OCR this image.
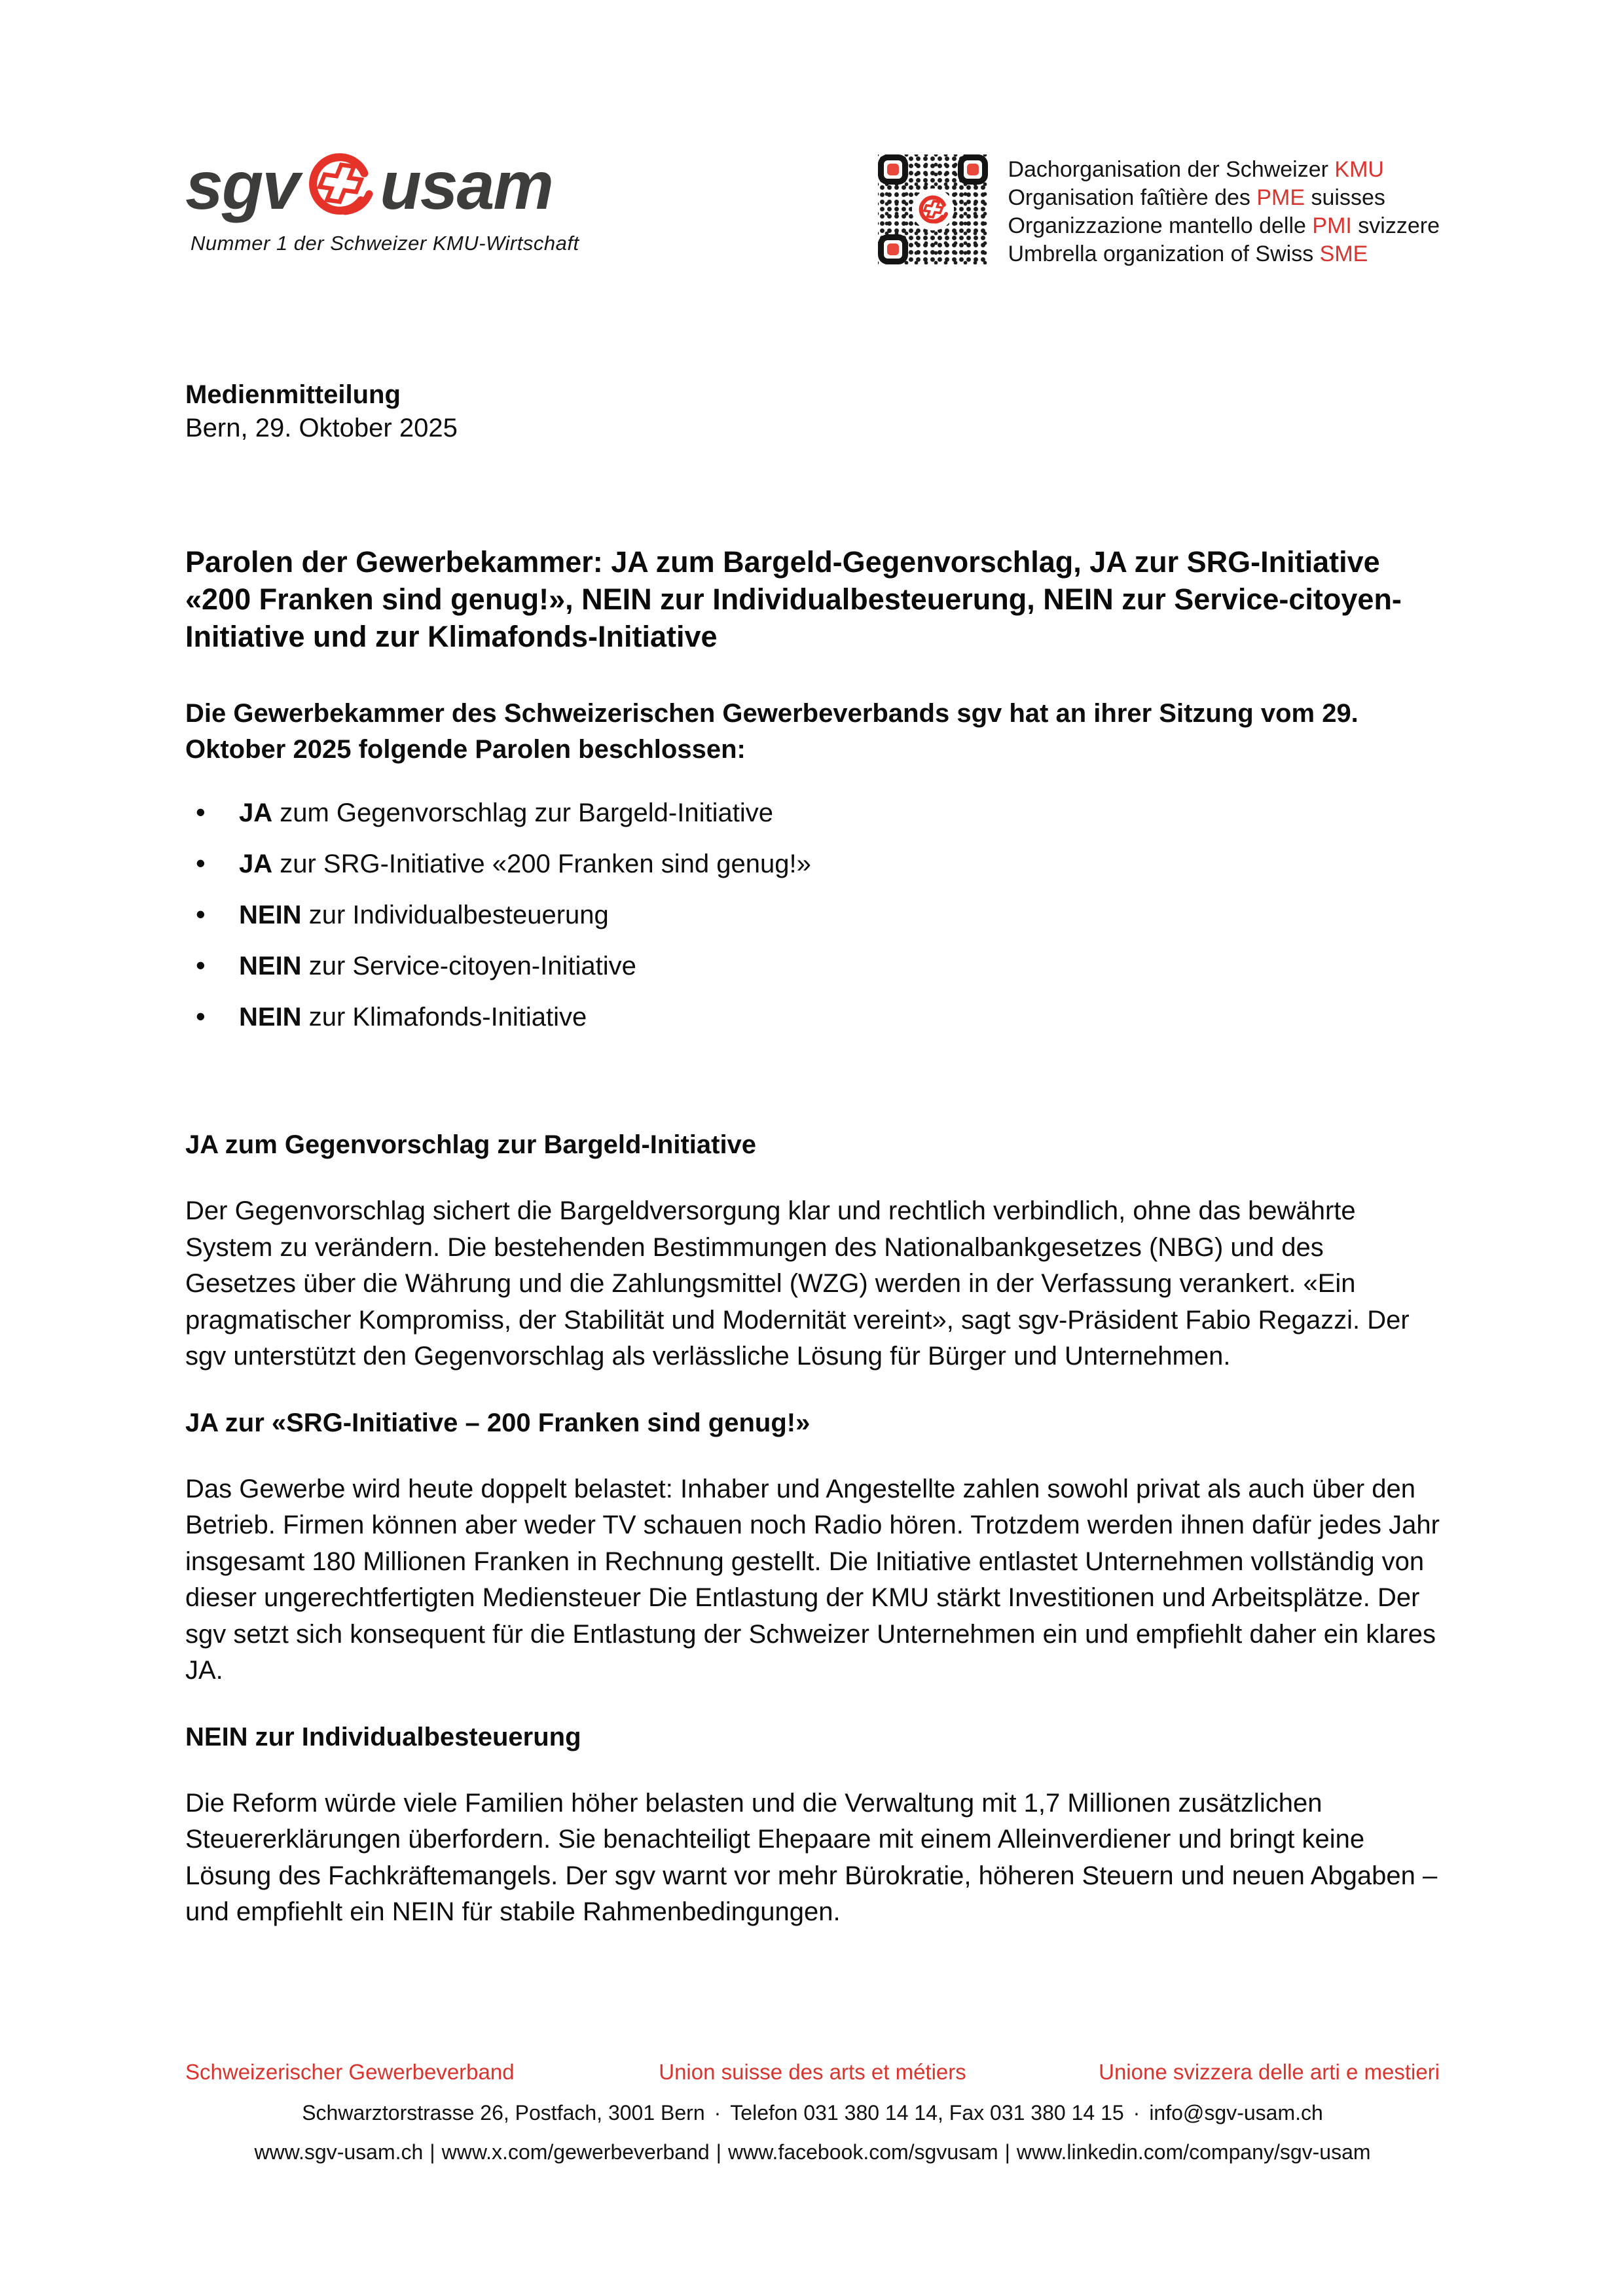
sgv usam
Nummer 1 der Schweizer KMU-Wirtschaft
Dachorganisation der Schweizer KMU
Organisation faîtière des PME suisses
Organizzazione mantello delle PMI svizzere
Umbrella organization of Swiss SME
Medienmitteilung
Bern, 29. Oktober 2025
Parolen der Gewerbekammer: JA zum Bargeld-Gegenvorschlag, JA zur SRG-Initiative «200 Franken sind genug!», NEIN zur Individualbesteuerung, NEIN zur Service-citoyen-Initiative und zur Klimafonds-Initiative

Die Gewerbekammer des Schweizerischen Gewerbeverbands sgv hat an ihrer Sitzung vom 29. Oktober 2025 folgende Parolen beschlossen:

• JA zum Gegenvorschlag zur Bargeld-Initiative
• JA zur SRG-Initiative «200 Franken sind genug!»
• NEIN zur Individualbesteuerung
• NEIN zur Service-citoyen-Initiative
• NEIN zur Klimafonds-Initiative
JA zum Gegenvorschlag zur Bargeld-Initiative

Der Gegenvorschlag sichert die Bargeldversorgung klar und rechtlich verbindlich, ohne das bewährte System zu verändern. Die bestehenden Bestimmungen des Nationalbankgesetzes (NBG) und des Gesetzes über die Währung und die Zahlungsmittel (WZG) werden in der Verfassung verankert. «Ein pragmatischer Kompromiss, der Stabilität und Modernität vereint», sagt sgv-Präsident Fabio Regazzi. Der sgv unterstützt den Gegenvorschlag als verlässliche Lösung für Bürger und Unternehmen.

JA zur «SRG-Initiative – 200 Franken sind genug!»

Das Gewerbe wird heute doppelt belastet: Inhaber und Angestellte zahlen sowohl privat als auch über den Betrieb. Firmen können aber weder TV schauen noch Radio hören. Trotzdem werden ihnen dafür jedes Jahr insgesamt 180 Millionen Franken in Rechnung gestellt. Die Initiative entlastet Unternehmen vollständig von dieser ungerechtfertigten Mediensteuer Die Entlastung der KMU stärkt Investitionen und Arbeitsplätze. Der sgv setzt sich konsequent für die Entlastung der Schweizer Unternehmen ein und empfiehlt daher ein klares JA.

NEIN zur Individualbesteuerung

Die Reform würde viele Familien höher belasten und die Verwaltung mit 1,7 Millionen zusätzlichen Steuererklärungen überfordern. Sie benachteiligt Ehepaare mit einem Alleinverdiener und bringt keine Lösung des Fachkräftemangels. Der sgv warnt vor mehr Bürokratie, höheren Steuern und neuen Abgaben – und empfiehlt ein NEIN für stabile Rahmenbedingungen.

Schweizerischer Gewerbeverband	Union suisse des arts et métiers	Unione svizzera delle arti e mestieri
Schwarztorstrasse 26, Postfach, 3001 Bern · Telefon 031 380 14 14, Fax 031 380 14 15 · info@sgv-usam.ch
www.sgv-usam.ch | www.x.com/gewerbeverband | www.facebook.com/sgvusam | www.linkedin.com/company/sgv-usam
